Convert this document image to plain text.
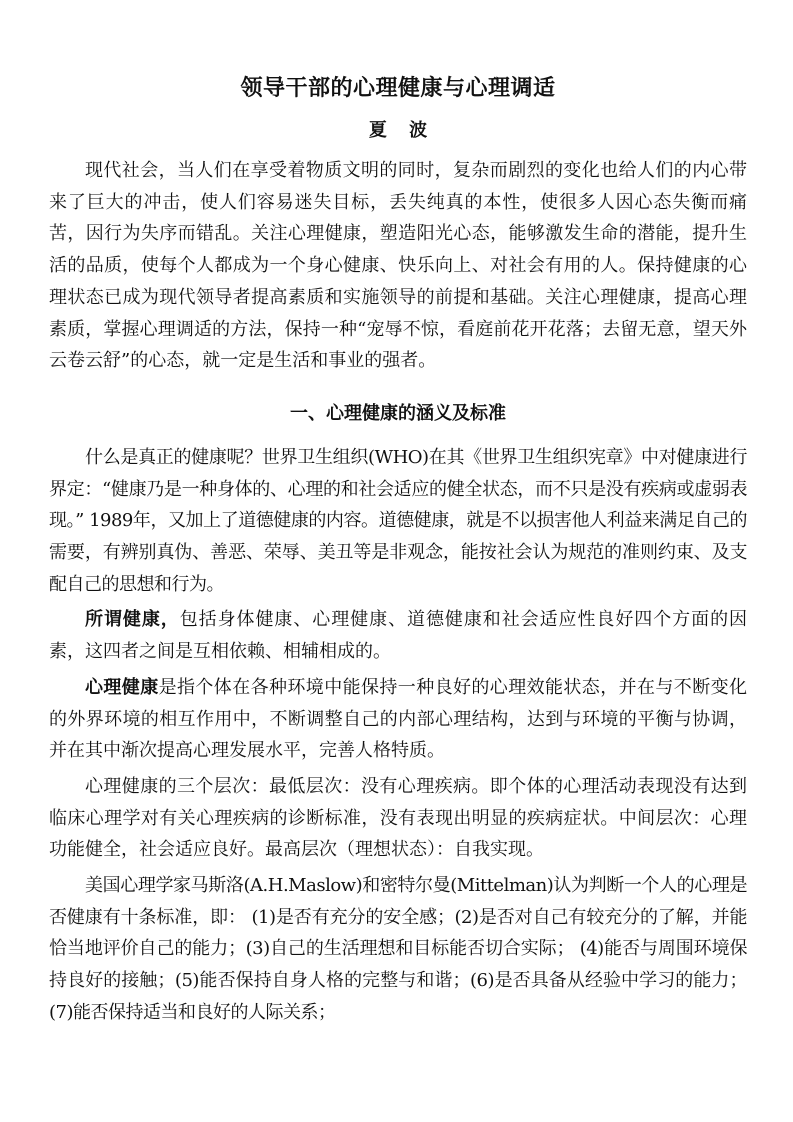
领导干部的心理健康与心理调适
夏 波

现代社会，当人们在享受着物质文明的同时，复杂而剧烈的变化也给人们的内心带来了巨大的冲击，使人们容易迷失目标，丢失纯真的本性，使很多人因心态失衡而痛苦，因行为失序而错乱。关注心理健康，塑造阳光心态，能够激发生命的潜能，提升生活的品质，使每个人都成为一个身心健康、快乐向上、对社会有用的人。保持健康的心理状态已成为现代领导者提高素质和实施领导的前提和基础。关注心理健康，提高心理素质，掌握心理调适的方法，保持一种“宠辱不惊，看庭前花开花落；去留无意，望天外云卷云舒”的心态，就一定是生活和事业的强者。

一、心理健康的涵义及标准

什么是真正的健康呢？世界卫生组织(WHO)在其《世界卫生组织宪章》中对健康进行界定：“健康乃是一种身体的、心理的和社会适应的健全状态，而不只是没有疾病或虚弱表现。” 1989年，又加上了道德健康的内容。道德健康，就是不以损害他人利益来满足自己的需要，有辨别真伪、善恶、荣辱、美丑等是非观念，能按社会认为规范的准则约束、及支配自己的思想和行为。

所谓健康，包括身体健康、心理健康、道德健康和社会适应性良好四个方面的因素，这四者之间是互相依赖、相辅相成的。

心理健康是指个体在各种环境中能保持一种良好的心理效能状态，并在与不断变化的外界环境的相互作用中，不断调整自己的内部心理结构，达到与环境的平衡与协调，并在其中渐次提高心理发展水平，完善人格特质。

心理健康的三个层次：最低层次：没有心理疾病。即个体的心理活动表现没有达到临床心理学对有关心理疾病的诊断标准，没有表现出明显的疾病症状。中间层次：心理功能健全，社会适应良好。最高层次（理想状态）：自我实现。

美国心理学家马斯洛(A.H.Maslow)和密特尔曼(Mittelman)认为判断一个人的心理是否健康有十条标准，即： (1)是否有充分的安全感；(2)是否对自己有较充分的了解，并能恰当地评价自己的能力；(3)自己的生活理想和目标能否切合实际； (4)能否与周围环境保持良好的接触；(5)能否保持自身人格的完整与和谐；(6)是否具备从经验中学习的能力；(7)能否保持适当和良好的人际关系；
